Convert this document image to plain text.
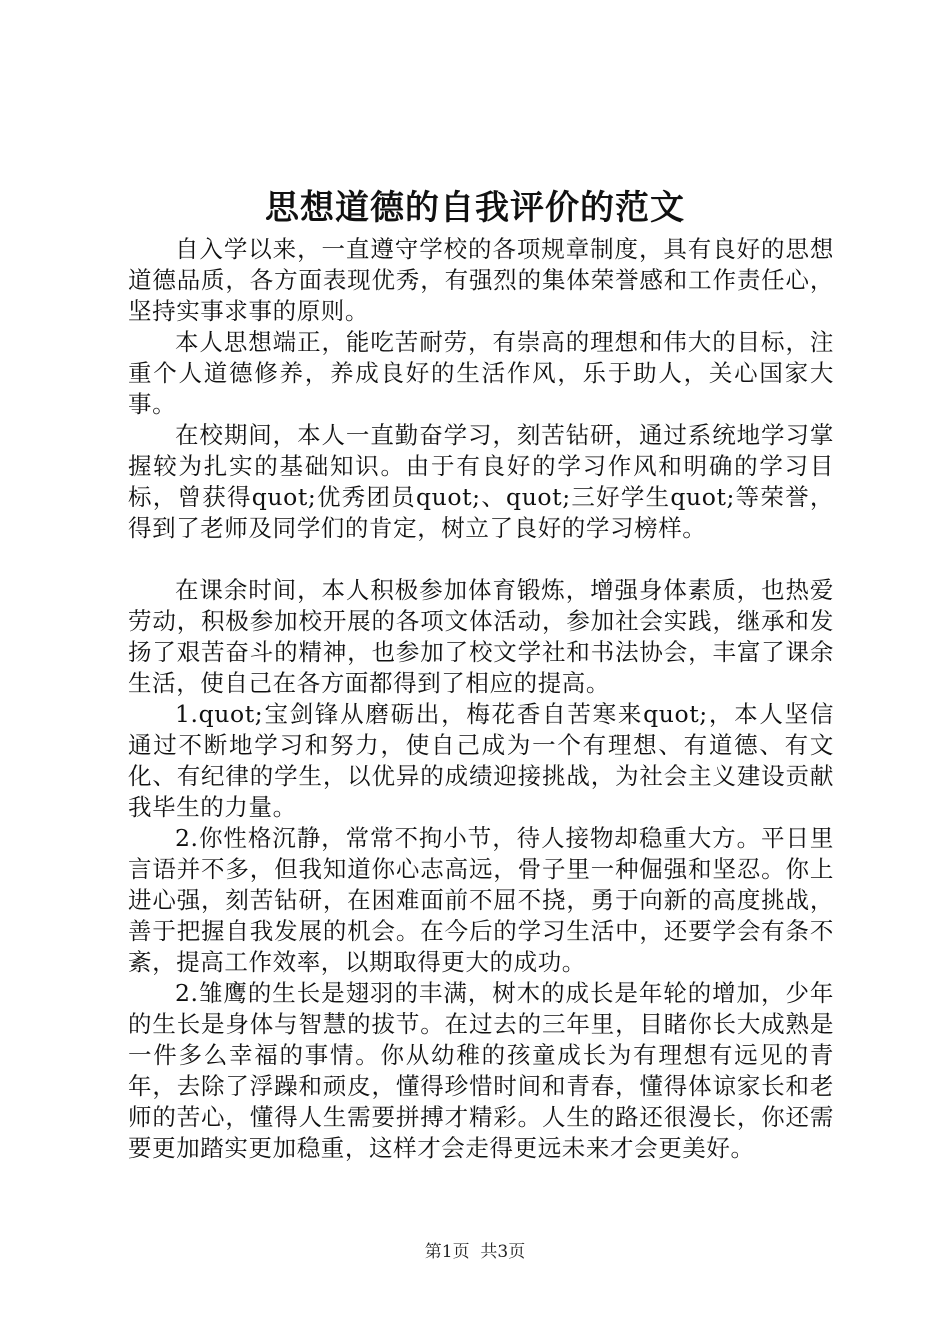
思想道德的自我评价的范文

自入学以来，一直遵守学校的各项规章制度，具有良好的思想道德品质，各方面表现优秀，有强烈的集体荣誉感和工作责任心，坚持实事求事的原则。

本人思想端正，能吃苦耐劳，有崇高的理想和伟大的目标，注重个人道德修养，养成良好的生活作风，乐于助人，关心国家大事。

在校期间，本人一直勤奋学习，刻苦钻研，通过系统地学习掌握较为扎实的基础知识。由于有良好的学习作风和明确的学习目标，曾获得quot;优秀团员quot;、quot;三好学生quot;等荣誉，得到了老师及同学们的肯定，树立了良好的学习榜样。

在课余时间，本人积极参加体育锻炼，增强身体素质，也热爱劳动，积极参加校开展的各项文体活动，参加社会实践，继承和发扬了艰苦奋斗的精神，也参加了校文学社和书法协会，丰富了课余生活，使自己在各方面都得到了相应的提高。

1.quot;宝剑锋从磨砺出，梅花香自苦寒来quot;，本人坚信通过不断地学习和努力，使自己成为一个有理想、有道德、有文化、有纪律的学生，以优异的成绩迎接挑战，为社会主义建设贡献我毕生的力量。

2.你性格沉静，常常不拘小节，待人接物却稳重大方。平日里言语并不多，但我知道你心志高远，骨子里一种倔强和坚忍。你上进心强，刻苦钻研，在困难面前不屈不挠，勇于向新的高度挑战，善于把握自我发展的机会。在今后的学习生活中，还要学会有条不紊，提高工作效率，以期取得更大的成功。

2.雏鹰的生长是翅羽的丰满，树木的成长是年轮的增加，少年的生长是身体与智慧的拔节。在过去的三年里，目睹你长大成熟是一件多么幸福的事情。你从幼稚的孩童成长为有理想有远见的青年，去除了浮躁和顽皮，懂得珍惜时间和青春，懂得体谅家长和老师的苦心，懂得人生需要拼搏才精彩。人生的路还很漫长，你还需要更加踏实更加稳重，这样才会走得更远未来才会更美好。

第1页  共3页
